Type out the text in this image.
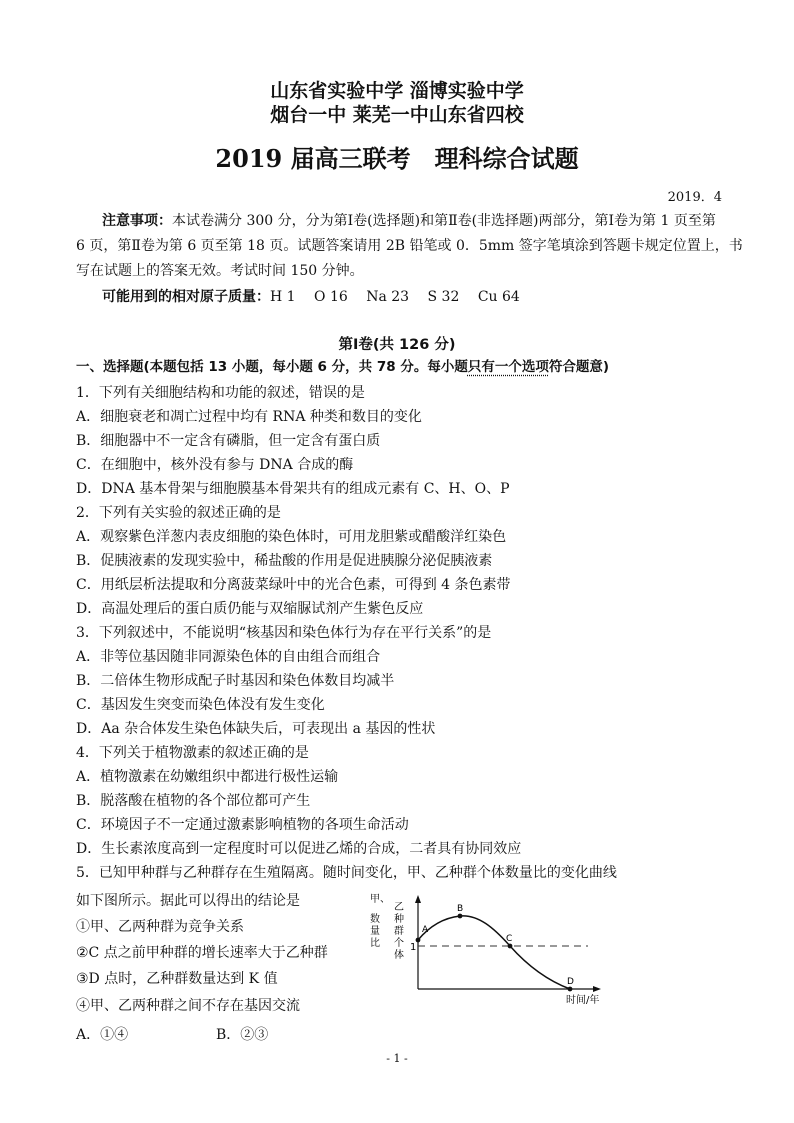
山东省实验中学 淄博实验中学
烟台一中 莱芜一中山东省四校
2019 届高三联考　理科综合试题
2019．4
注意事项：本试卷满分 300 分，分为第Ⅰ卷(选择题)和第Ⅱ卷(非选择题)两部分，第Ⅰ卷为第 1 页至第
6 页，第Ⅱ卷为第 6 页至第 18 页。试题答案请用 2B 铅笔或 0．5mm 签字笔填涂到答题卡规定位置上，书
写在试题上的答案无效。考试时间 150 分钟。
可能用到的相对原子质量：H 1　 O 16　 Na 23　 S 32　 Cu 64
第Ⅰ卷(共 126 分)
一、选择题(本题包括 13 小题，每小题 6 分，共 78 分。每小题只有一个选项符合题意)
1．下列有关细胞结构和功能的叙述，错误的是
A．细胞衰老和凋亡过程中均有 RNA 种类和数目的变化
B．细胞器中不一定含有磷脂，但一定含有蛋白质
C．在细胞中，核外没有参与 DNA 合成的酶
D．DNA 基本骨架与细胞膜基本骨架共有的组成元素有 C、H、O、P
2．下列有关实验的叙述正确的是
A．观察紫色洋葱内表皮细胞的染色体时，可用龙胆紫或醋酸洋红染色
B．促胰液素的发现实验中，稀盐酸的作用是促进胰腺分泌促胰液素
C．用纸层析法提取和分离菠菜绿叶中的光合色素，可得到 4 条色素带
D．高温处理后的蛋白质仍能与双缩脲试剂产生紫色反应
3．下列叙述中，不能说明“核基因和染色体行为存在平行关系”的是
A．非等位基因随非同源染色体的自由组合而组合
B．二倍体生物形成配子时基因和染色体数目均减半
C．基因发生突变而染色体没有发生变化
D．Aa 杂合体发生染色体缺失后，可表现出 a 基因的性状
4．下列关于植物激素的叙述正确的是
A．植物激素在幼嫩组织中都进行极性运输
B．脱落酸在植物的各个部位都可产生
C．环境因子不一定通过激素影响植物的各项生命活动
D．生长素浓度高到一定程度时可以促进乙烯的合成，二者具有协同效应
5．已知甲种群与乙种群存在生殖隔离。随时间变化，甲、乙种群个体数量比的变化曲线
如下图所示。据此可以得出的结论是
①甲、乙两种群为竞争关系
②C 点之前甲种群的增长速率大于乙种群
③D 点时，乙种群数量达到 K 值
④甲、乙两种群之间不存在基因交流
A．①④	B．②③
甲、
数
量
比
乙
种
群
个
体
1
A
B
C
D
时间/年
- 1 -
